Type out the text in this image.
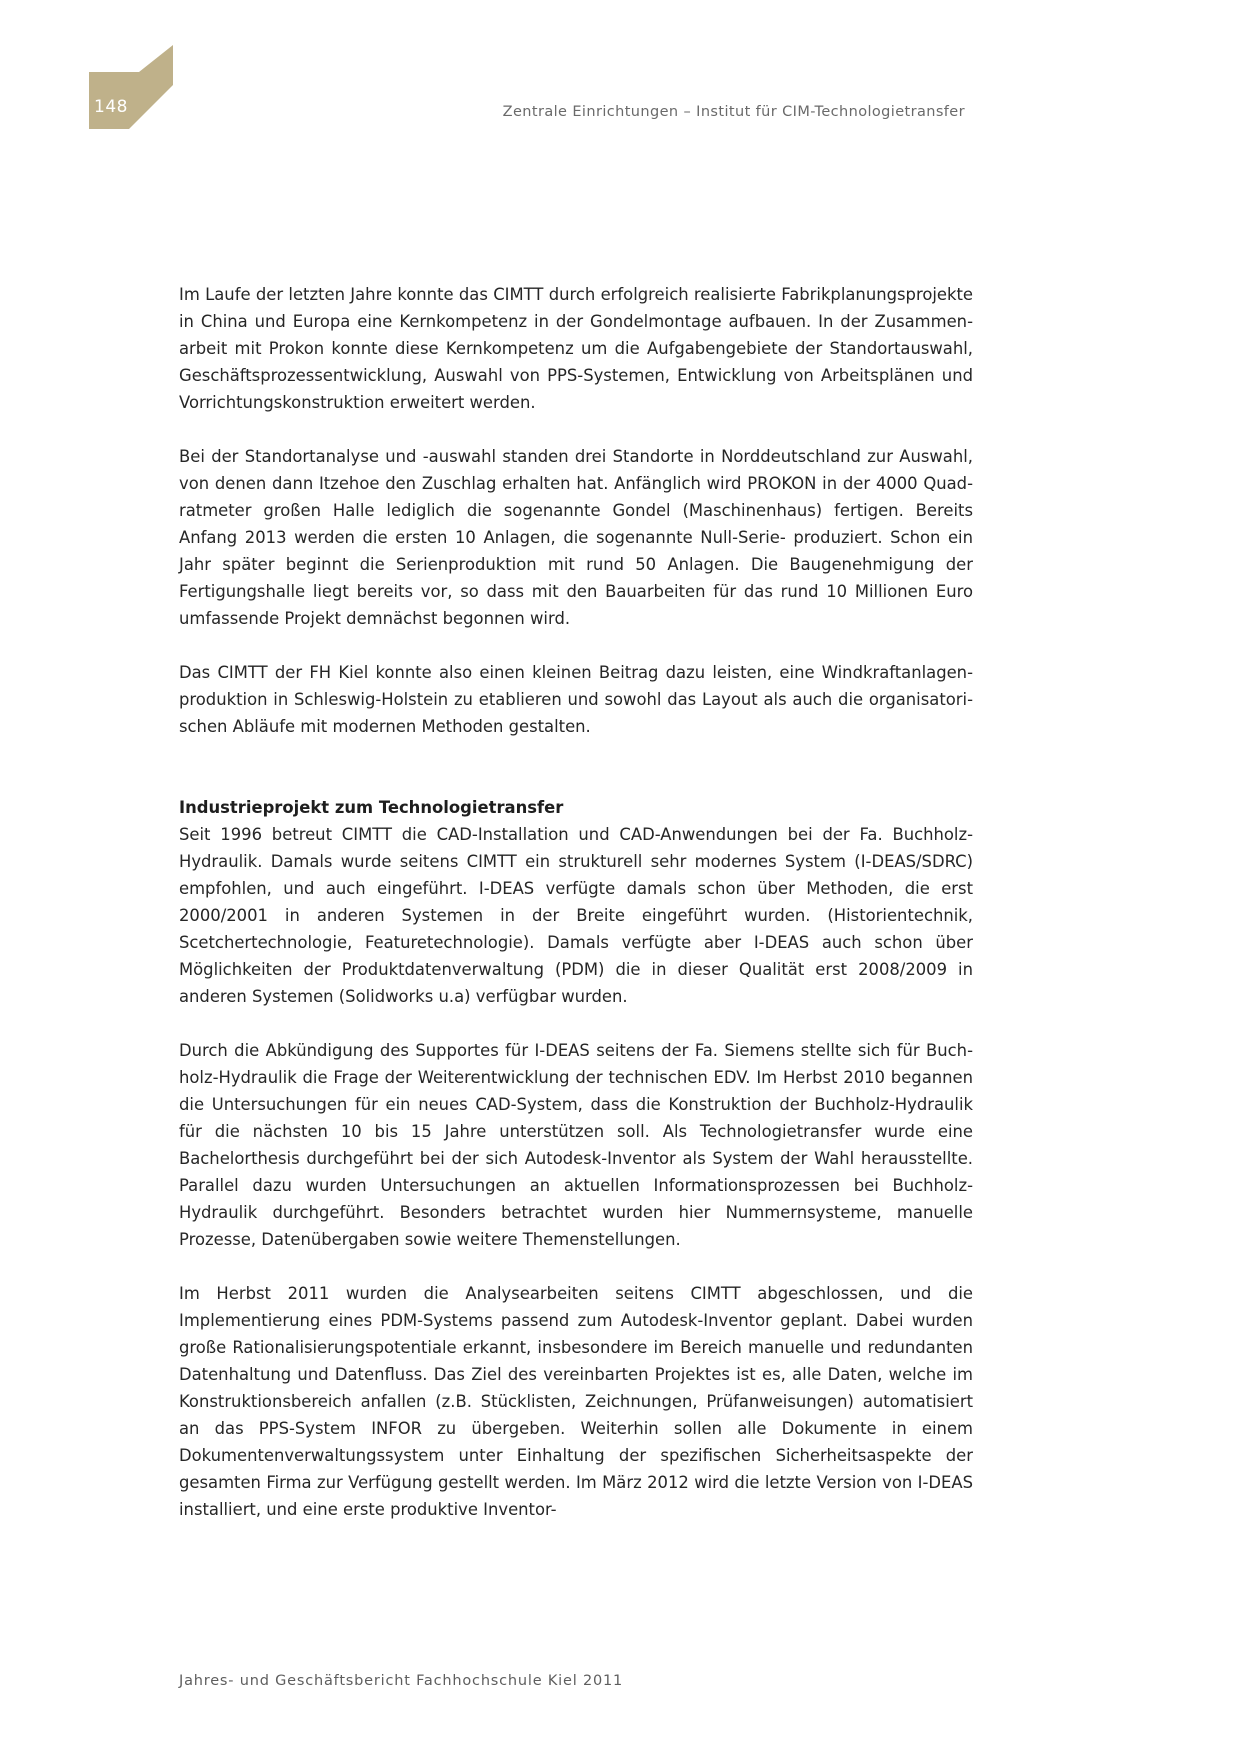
148	Zentrale Einrichtungen – Institut für CIM-Technologietransfer

Im Laufe der letzten Jahre konnte das CIMTT durch erfolgreich realisierte Fabrikplanungsprojekte in China und Europa eine Kernkompetenz in der Gondelmontage aufbauen. In der Zusammenarbeit mit Prokon konnte diese Kernkompetenz um die Aufgabengebiete der Standortauswahl, Geschäftsprozessentwicklung, Auswahl von PPS-Systemen, Entwicklung von Arbeitsplänen und Vorrichtungskonstruktion erweitert werden.

Bei der Standortanalyse und -auswahl standen drei Standorte in Norddeutschland zur Auswahl, von denen dann Itzehoe den Zuschlag erhalten hat. Anfänglich wird PROKON in der 4000 Quadratmeter großen Halle lediglich die sogenannte Gondel (Maschinenhaus) fertigen. Bereits Anfang 2013 werden die ersten 10 Anlagen, die sogenannte Null-Serie- produziert. Schon ein Jahr später beginnt die Serienproduktion mit rund 50 Anlagen. Die Baugenehmigung der Fertigungshalle liegt bereits vor, so dass mit den Bauarbeiten für das rund 10 Millionen Euro umfassende Projekt demnächst begonnen wird.

Das CIMTT der FH Kiel konnte also einen kleinen Beitrag dazu leisten, eine Windkraftanlagenproduktion in Schleswig-Holstein zu etablieren und sowohl das Layout als auch die organisatorischen Abläufe mit modernen Methoden gestalten.

Industrieprojekt zum Technologietransfer

Seit 1996 betreut CIMTT die CAD-Installation und CAD-Anwendungen bei der Fa. Buchholz-Hydraulik. Damals wurde seitens CIMTT ein strukturell sehr modernes System (I-DEAS/SDRC) empfohlen, und auch eingeführt. I-DEAS verfügte damals schon über Methoden, die erst 2000/2001 in anderen Systemen in der Breite eingeführt wurden. (Historientechnik, Scetchertechnologie, Featuretechnologie). Damals verfügte aber I-DEAS auch schon über Möglichkeiten der Produktdatenverwaltung (PDM) die in dieser Qualität erst 2008/2009 in anderen Systemen (Solidworks u.a) verfügbar wurden.

Durch die Abkündigung des Supportes für I-DEAS seitens der Fa. Siemens stellte sich für Buchholz-Hydraulik die Frage der Weiterentwicklung der technischen EDV. Im Herbst 2010 begannen die Untersuchungen für ein neues CAD-System, dass die Konstruktion der Buchholz-Hydraulik für die nächsten 10 bis 15 Jahre unterstützen soll. Als Technologietransfer wurde eine Bachelorthesis durchgeführt bei der sich Autodesk-Inventor als System der Wahl herausstellte. Parallel dazu wurden Untersuchungen an aktuellen Informationsprozessen bei Buchholz-Hydraulik durchgeführt. Besonders betrachtet wurden hier Nummernsysteme, manuelle Prozesse, Datenübergaben sowie weitere Themenstellungen.

Im Herbst 2011 wurden die Analysearbeiten seitens CIMTT abgeschlossen, und die Implementierung eines PDM-Systems passend zum Autodesk-Inventor geplant. Dabei wurden große Rationalisierungspotentiale erkannt, insbesondere im Bereich manuelle und redundanten Datenhaltung und Datenfluss. Das Ziel des vereinbarten Projektes ist es, alle Daten, welche im Konstruktionsbereich anfallen (z.B. Stücklisten, Zeichnungen, Prüfanweisungen) automatisiert an das PPS-System INFOR zu übergeben. Weiterhin sollen alle Dokumente in einem Dokumentenverwaltungssystem unter Einhaltung der spezifischen Sicherheitsaspekte der gesamten Firma zur Verfügung gestellt werden. Im März 2012 wird die letzte Version von I-DEAS installiert, und eine erste produktive Inventor-

Jahres- und Geschäftsbericht Fachhochschule Kiel 2011
